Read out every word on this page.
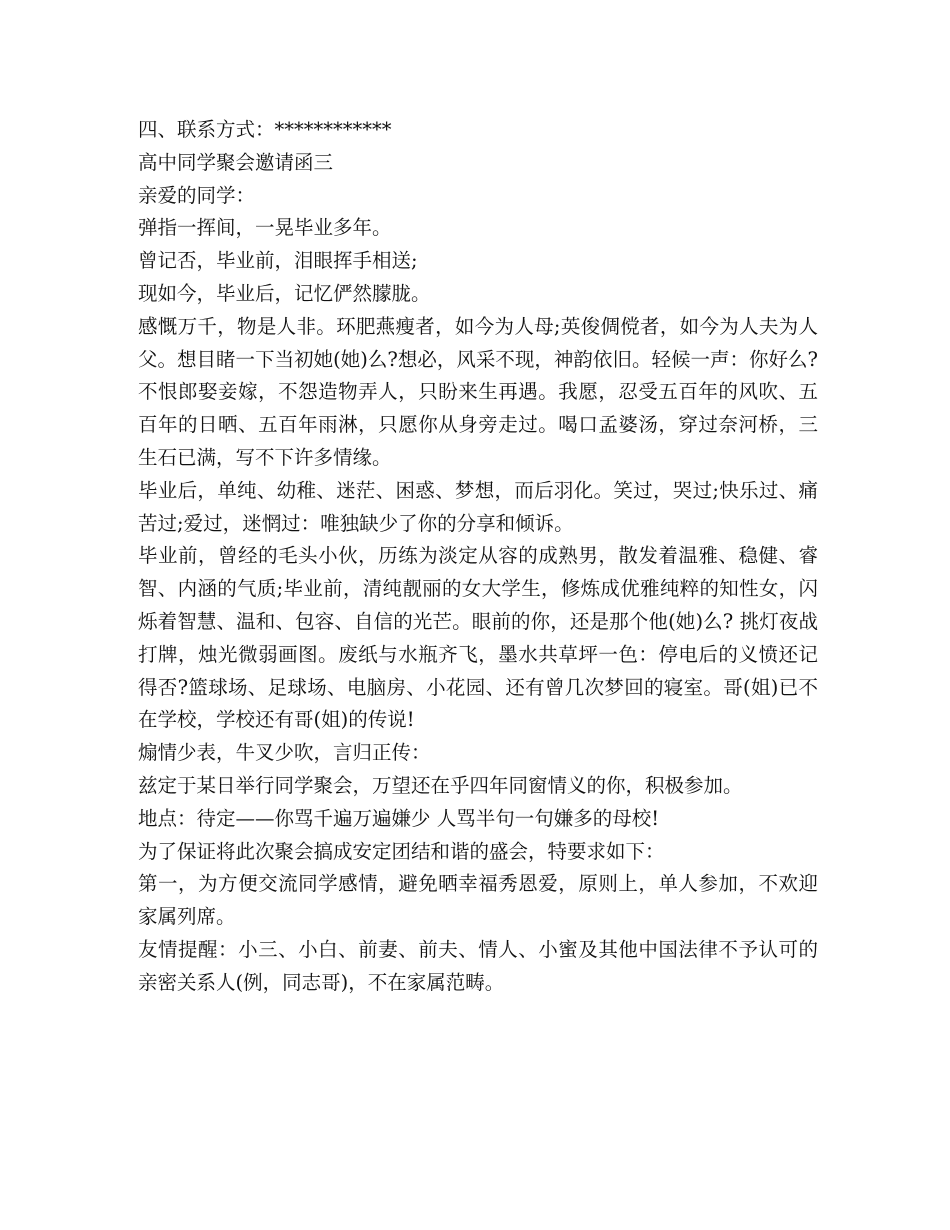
四、联系方式：************

高中同学聚会邀请函三

亲爱的同学：

弹指一挥间，一晃毕业多年。

曾记否，毕业前，泪眼挥手相送;

现如今，毕业后，记忆俨然朦胧。

感慨万千，物是人非。环肥燕瘦者，如今为人母;英俊倜傥者，如今为人夫为人父。想目睹一下当初她(她)么?想必，风采不现，神韵依旧。轻候一声：你好么?不恨郎娶妾嫁，不怨造物弄人，只盼来生再遇。我愿，忍受五百年的风吹、五百年的日晒、五百年雨淋，只愿你从身旁走过。喝口孟婆汤，穿过奈河桥，三生石已满，写不下许多情缘。

毕业后，单纯、幼稚、迷茫、困惑、梦想，而后羽化。笑过，哭过;快乐过、痛苦过;爱过，迷惘过：唯独缺少了你的分享和倾诉。

毕业前，曾经的毛头小伙，历练为淡定从容的成熟男，散发着温雅、稳健、睿智、内涵的气质;毕业前，清纯靓丽的女大学生，修炼成优雅纯粹的知性女，闪烁着智慧、温和、包容、自信的光芒。眼前的你，还是那个他(她)么? 挑灯夜战打牌，烛光微弱画图。废纸与水瓶齐飞，墨水共草坪一色：停电后的义愤还记得否?篮球场、足球场、电脑房、小花园、还有曾几次梦回的寝室。哥(姐)已不在学校，学校还有哥(姐)的传说!

煽情少表，牛叉少吹，言归正传：

兹定于某日举行同学聚会，万望还在乎四年同窗情义的你，积极参加。

地点：待定——你骂千遍万遍嫌少 人骂半句一句嫌多的母校!

为了保证将此次聚会搞成安定团结和谐的盛会，特要求如下：

第一，为方便交流同学感情，避免晒幸福秀恩爱，原则上，单人参加，不欢迎家属列席。

友情提醒：小三、小白、前妻、前夫、情人、小蜜及其他中国法律不予认可的亲密关系人(例，同志哥)，不在家属范畴。
